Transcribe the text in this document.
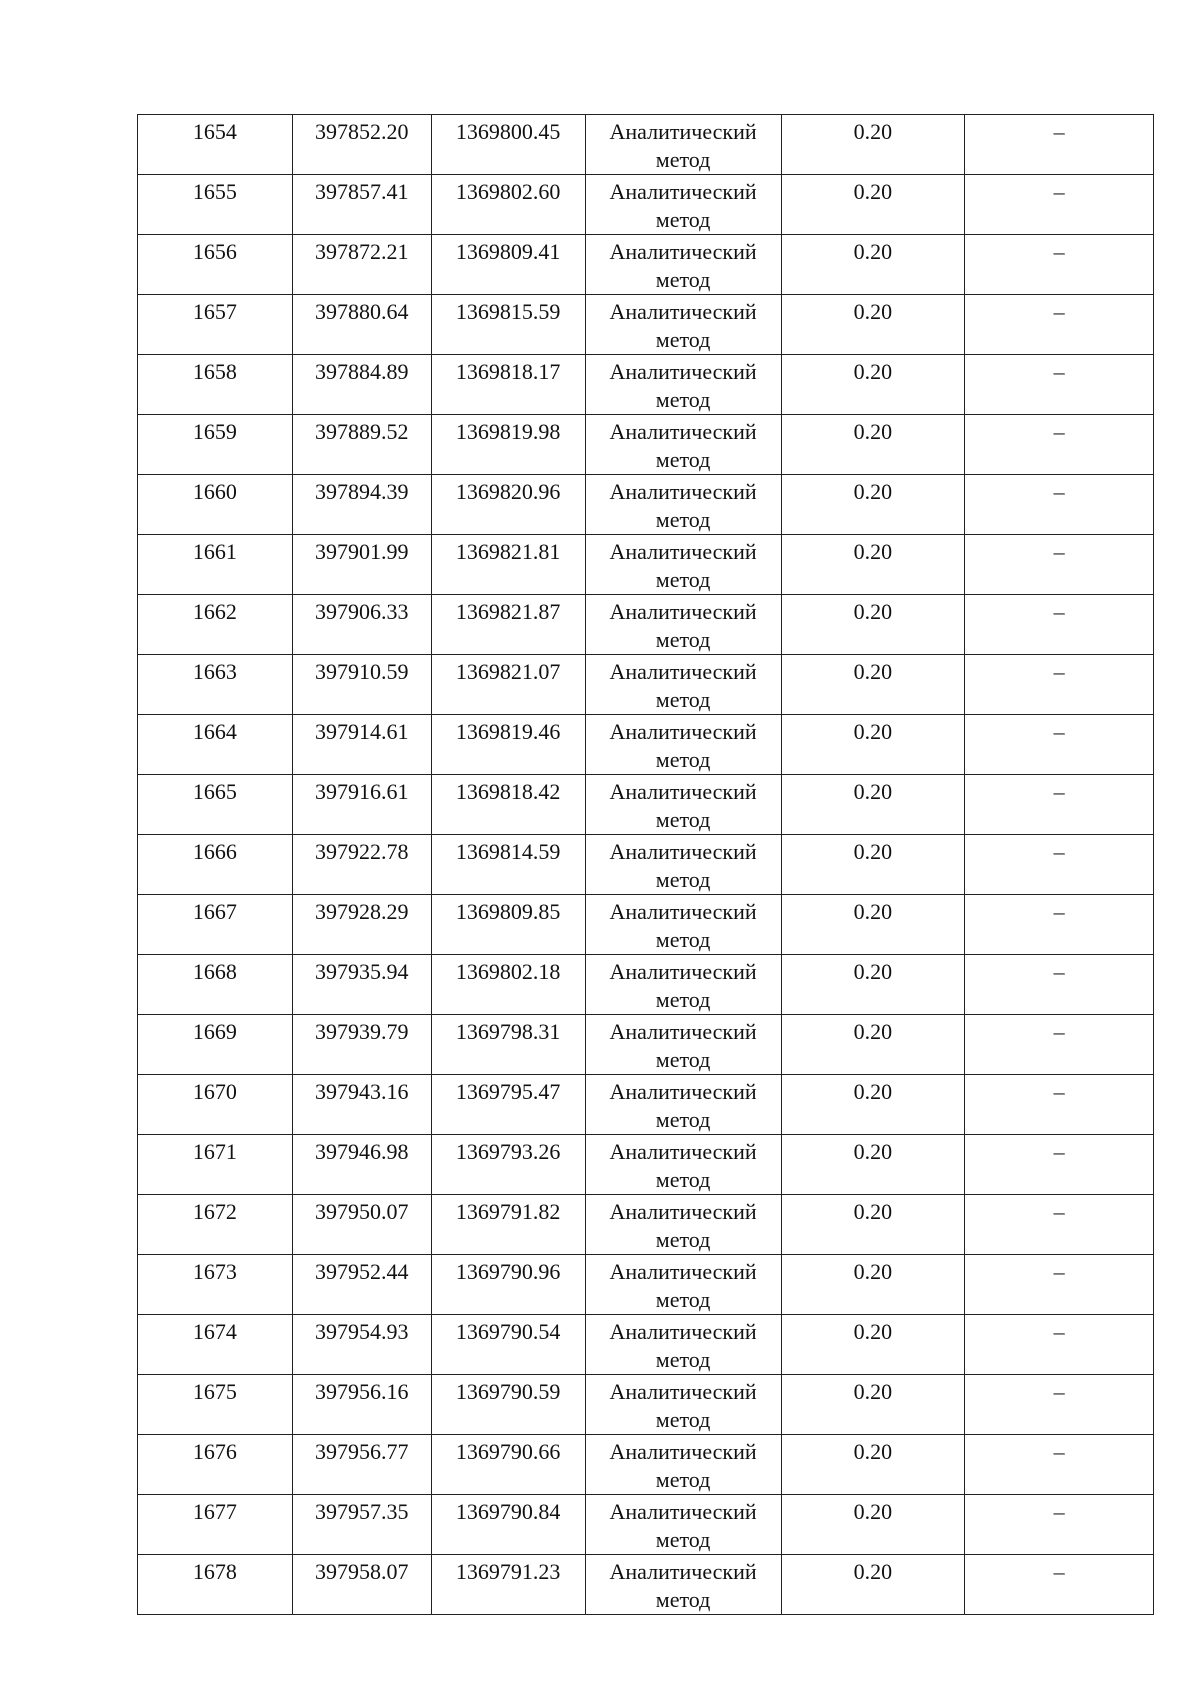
1654	397852.20	1369800.45	Аналитический метод	0.20	–
1655	397857.41	1369802.60	Аналитический метод	0.20	–
1656	397872.21	1369809.41	Аналитический метод	0.20	–
1657	397880.64	1369815.59	Аналитический метод	0.20	–
1658	397884.89	1369818.17	Аналитический метод	0.20	–
1659	397889.52	1369819.98	Аналитический метод	0.20	–
1660	397894.39	1369820.96	Аналитический метод	0.20	–
1661	397901.99	1369821.81	Аналитический метод	0.20	–
1662	397906.33	1369821.87	Аналитический метод	0.20	–
1663	397910.59	1369821.07	Аналитический метод	0.20	–
1664	397914.61	1369819.46	Аналитический метод	0.20	–
1665	397916.61	1369818.42	Аналитический метод	0.20	–
1666	397922.78	1369814.59	Аналитический метод	0.20	–
1667	397928.29	1369809.85	Аналитический метод	0.20	–
1668	397935.94	1369802.18	Аналитический метод	0.20	–
1669	397939.79	1369798.31	Аналитический метод	0.20	–
1670	397943.16	1369795.47	Аналитический метод	0.20	–
1671	397946.98	1369793.26	Аналитический метод	0.20	–
1672	397950.07	1369791.82	Аналитический метод	0.20	–
1673	397952.44	1369790.96	Аналитический метод	0.20	–
1674	397954.93	1369790.54	Аналитический метод	0.20	–
1675	397956.16	1369790.59	Аналитический метод	0.20	–
1676	397956.77	1369790.66	Аналитический метод	0.20	–
1677	397957.35	1369790.84	Аналитический метод	0.20	–
1678	397958.07	1369791.23	Аналитический метод	0.20	–
